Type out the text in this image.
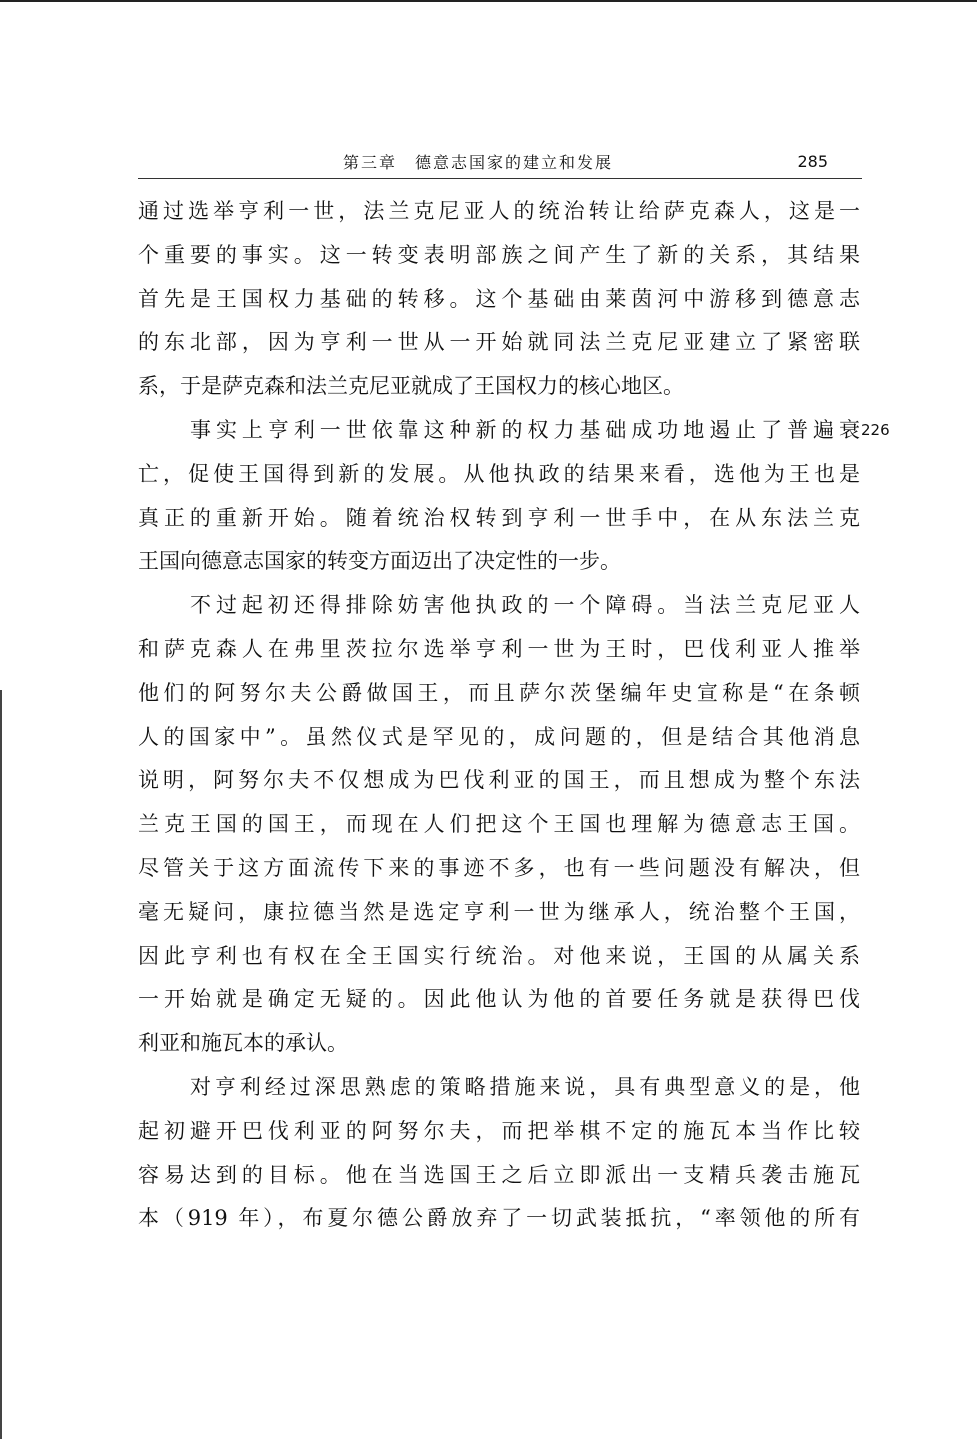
第三章　德意志国家的建立和发展	285
通过选举亨利一世，法兰克尼亚人的统治转让给萨克森人，这是一
个重要的事实。这一转变表明部族之间产生了新的关系，其结果
首先是王国权力基础的转移。这个基础由莱茵河中游移到德意志
的东北部，因为亨利一世从一开始就同法兰克尼亚建立了紧密联
系，于是萨克森和法兰克尼亚就成了王国权力的核心地区。
事实上亨利一世依靠这种新的权力基础成功地遏止了普遍衰 226
亡，促使王国得到新的发展。从他执政的结果来看，选他为王也是
真正的重新开始。随着统治权转到亨利一世手中，在从东法兰克
王国向德意志国家的转变方面迈出了决定性的一步。
不过起初还得排除妨害他执政的一个障碍。当法兰克尼亚人
和萨克森人在弗里茨拉尔选举亨利一世为王时，巴伐利亚人推举
他们的阿努尔夫公爵做国王，而且萨尔茨堡编年史宣称是“在条顿
人的国家中”。虽然仪式是罕见的，成问题的，但是结合其他消息
说明，阿努尔夫不仅想成为巴伐利亚的国王，而且想成为整个东法
兰克王国的国王，而现在人们把这个王国也理解为德意志王国。
尽管关于这方面流传下来的事迹不多，也有一些问题没有解决，但
毫无疑问，康拉德当然是选定亨利一世为继承人，统治整个王国，
因此亨利也有权在全王国实行统治。对他来说，王国的从属关系
一开始就是确定无疑的。因此他认为他的首要任务就是获得巴伐
利亚和施瓦本的承认。
对亨利经过深思熟虑的策略措施来说，具有典型意义的是，他
起初避开巴伐利亚的阿努尔夫，而把举棋不定的施瓦本当作比较
容易达到的目标。他在当选国王之后立即派出一支精兵袭击施瓦
本（919 年），布夏尔德公爵放弃了一切武装抵抗，“率领他的所有
